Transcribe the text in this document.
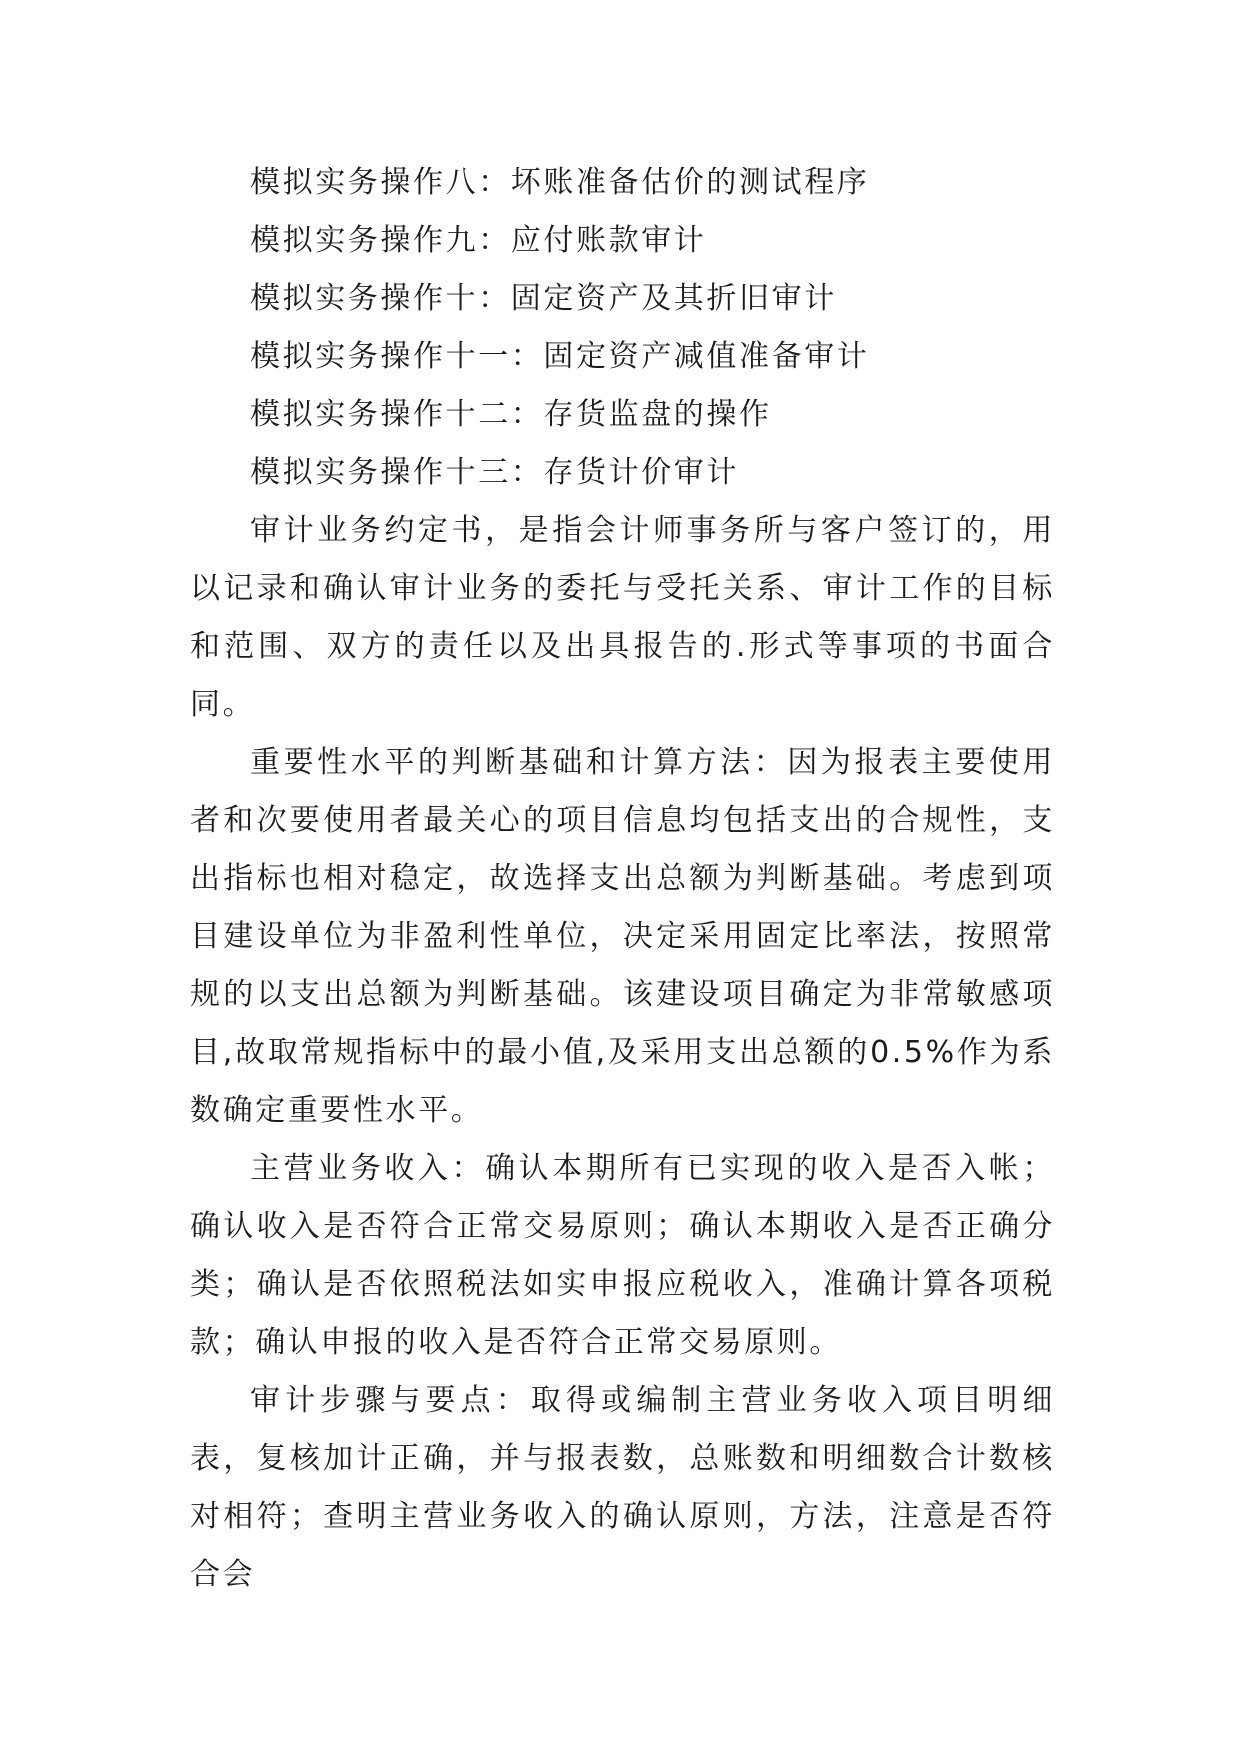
模拟实务操作八：坏账准备估价的测试程序

模拟实务操作九：应付账款审计

模拟实务操作十：固定资产及其折旧审计

模拟实务操作十一：固定资产减值准备审计

模拟实务操作十二：存货监盘的操作

模拟实务操作十三：存货计价审计

审计业务约定书，是指会计师事务所与客户签订的，用以记录和确认审计业务的委托与受托关系、审计工作的目标和范围、双方的责任以及出具报告的.形式等事项的书面合同。

重要性水平的判断基础和计算方法：因为报表主要使用者和次要使用者最关心的项目信息均包括支出的合规性，支出指标也相对稳定，故选择支出总额为判断基础。考虑到项目建设单位为非盈利性单位，决定采用固定比率法，按照常规的以支出总额为判断基础。该建设项目确定为非常敏感项目,故取常规指标中的最小值,及采用支出总额的0.5%作为系数确定重要性水平。

主营业务收入：确认本期所有已实现的收入是否入帐；确认收入是否符合正常交易原则；确认本期收入是否正确分类；确认是否依照税法如实申报应税收入，准确计算各项税款；确认申报的收入是否符合正常交易原则。

审计步骤与要点：取得或编制主营业务收入项目明细表，复核加计正确，并与报表数，总账数和明细数合计数核对相符；查明主营业务收入的确认原则，方法，注意是否符合会
